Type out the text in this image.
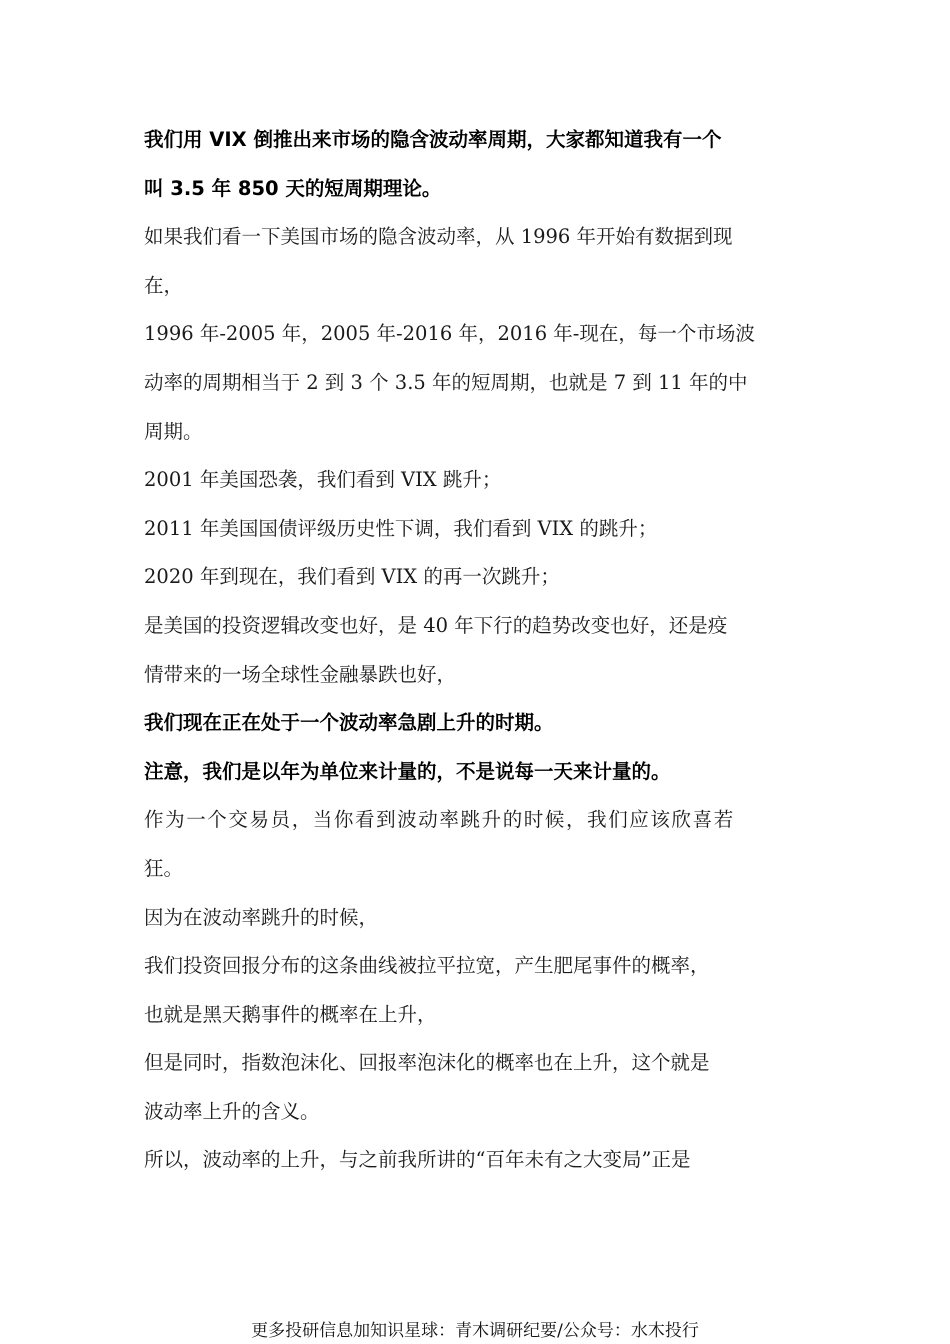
我们用 VIX 倒推出来市场的隐含波动率周期，大家都知道我有一个
叫 3.5 年 850 天的短周期理论。
如果我们看一下美国市场的隐含波动率，从 1996 年开始有数据到现
在，
1996 年-2005 年，2005 年-2016 年，2016 年-现在，每一个市场波
动率的周期相当于 2 到 3 个 3.5 年的短周期，也就是 7 到 11 年的中
周期。
2001 年美国恐袭，我们看到 VIX 跳升；
2011 年美国国债评级历史性下调，我们看到 VIX 的跳升；
2020 年到现在，我们看到 VIX 的再一次跳升；
是美国的投资逻辑改变也好，是 40 年下行的趋势改变也好，还是疫
情带来的一场全球性金融暴跌也好，
我们现在正在处于一个波动率急剧上升的时期。
注意，我们是以年为单位来计量的，不是说每一天来计量的。
作为一个交易员，当你看到波动率跳升的时候，我们应该欣喜若
狂。
因为在波动率跳升的时候，
我们投资回报分布的这条曲线被拉平拉宽，产生肥尾事件的概率，
也就是黑天鹅事件的概率在上升，
但是同时，指数泡沫化、回报率泡沫化的概率也在上升，这个就是
波动率上升的含义。
所以，波动率的上升，与之前我所讲的“百年未有之大变局”正是
更多投研信息加知识星球：青木调研纪要/公众号：水木投行
